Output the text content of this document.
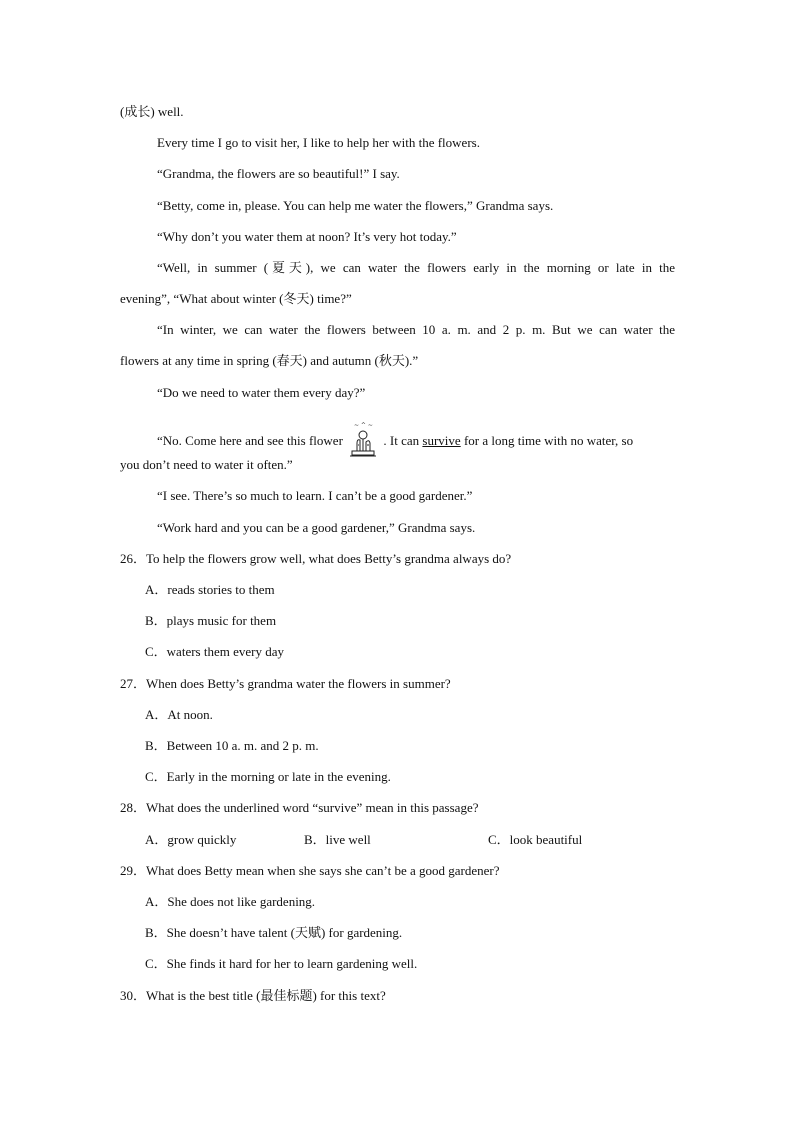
(成长) well.
Every time I go to visit her, I like to help her with the flowers.
“Grandma, the flowers are so beautiful!” I say.
“Betty, come in, please. You can help me water the flowers,” Grandma says.
“Why don’t you water them at noon? It’s very hot today.”
“Well, in summer (夏天), we can water the flowers early in the morning or late in the
evening”, “What about winter (冬天) time?”
“In winter, we can water the flowers between 10 a. m. and 2 p. m. But we can water the
flowers at any time in spring (春天) and autumn (秋天).”
“Do we need to water them every day?”
“No. Come here and see this flower
~ ^ ~
. It can survive for a long time with no water, so
you don’t need to water it often.”
“I see. There’s so much to learn. I can’t be a good gardener.”
“Work hard and you can be a good gardener,” Grandma says.
26．To help the flowers grow well, what does Betty’s grandma always do?
A．reads stories to them
B．plays music for them
C．waters them every day
27．When does Betty’s grandma water the flowers in summer?
A．At noon.
B．Between 10 a. m. and 2 p. m.
C．Early in the morning or late in the evening.
28．What does the underlined word “survive” mean in this passage?
A．grow quickly	B．live well	C．look beautiful
29．What does Betty mean when she says she can’t be a good gardener?
A．She does not like gardening.
B．She doesn’t have talent (天赋) for gardening.
C．She finds it hard for her to learn gardening well.
30．What is the best title (最佳标题) for this text?
